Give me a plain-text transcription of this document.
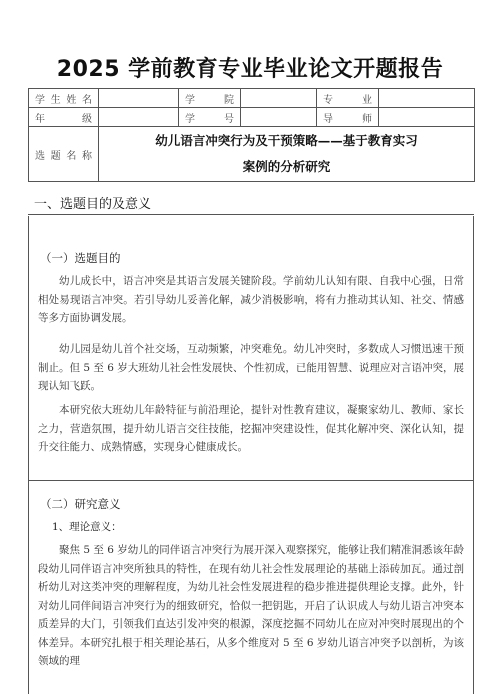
2025 学前教育专业毕业论文开题报告
学生姓名		学院		专业	
年级		学号		导师	
选题名称	幼儿语言冲突行为及干预策略——基于教育实习
案例的分析研究				
一、选题目的及意义
（一）选题目的

幼儿成长中，语言冲突是其语言发展关键阶段。学前幼儿认知有限、自我中心强，日常相处易现语言冲突。若引导幼儿妥善化解，减少消极影响，将有力推动其认知、社交、情感等多方面协调发展。

幼儿园是幼儿首个社交场，互动频繁，冲突难免。幼儿冲突时，多数成人习惯迅速干预制止。但 5 至 6 岁大班幼儿社会性发展快、个性初成，已能用智慧、说理应对言语冲突，展现认知飞跃。

本研究依大班幼儿年龄特征与前沿理论，提针对性教育建议，凝聚家幼儿、教师、家长之力，营造氛围，提升幼儿语言交往技能，挖掘冲突建设性，促其化解冲突、深化认知，提升交往能力、成熟情感，实现身心健康成长。

（二）研究意义
1、理论意义：

聚焦 5 至 6 岁幼儿的同伴语言冲突行为展开深入观察探究，能够让我们精准洞悉该年龄段幼儿同伴语言冲突所独具的特性，在现有幼儿社会性发展理论的基础上添砖加瓦。通过剖析幼儿对这类冲突的理解程度，为幼儿社会性发展进程的稳步推进提供理论支撑。此外，针对幼儿同伴间语言冲突行为的细致研究，恰似一把钥匙，开启了认识成人与幼儿语言冲突本质差异的大门，引领我们直达引发冲突的根源，深度挖掘不同幼儿在应对冲突时展现出的个体差异。本研究扎根于相关理论基石，从多个维度对 5 至 6 岁幼儿语言冲突予以剖析，为该领域的理
